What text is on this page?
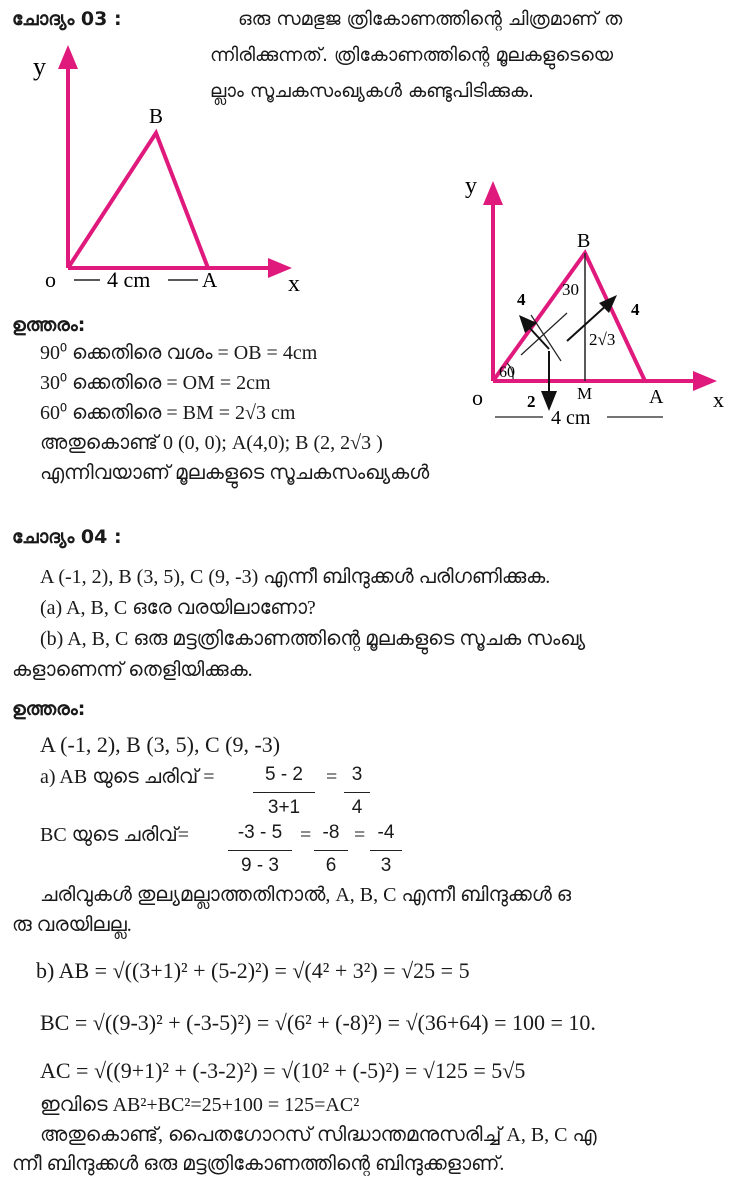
ചോദ്യം 03 :	ഒരു സമഭുജ ത്രികോണത്തിന്റെ ചിത്രമാണ് ത
ന്നിരിക്കുന്നത്. ത്രികോണത്തിന്റെ മൂലകളുടെയെ
ല്ലാം സൂചകസംഖ്യകൾ കണ്ടുപിടിക്കുക.
y
B
o	A	x
4 cm
ഉത്തരം:
90⁰ ക്കെതിരെ വശം = OB = 4cm
30⁰ ക്കെതിരെ = OM = 2cm
60⁰ ക്കെതിരെ = BM = 2√3 cm
അതുകൊണ്ട് 0 (0, 0); A(4,0); B (2, 2√3 )
എന്നിവയാണ് മൂലകളുടെ സൂചകസംഖ്യകൾ
y
B
o	A x
M
4
4
30
60
2√3
2
4 cm
ചോദ്യം 04 :
A (-1, 2), B (3, 5), C (9, -3) എന്നീ ബിന്ദുക്കൾ പരിഗണിക്കുക.
(a) A, B, C ഒരേ വരയിലാണോ?
(b) A, B, C ഒരു മട്ടത്രികോണത്തിന്റെ മൂലകളുടെ സൂചക സംഖ്യ
കളാണെന്ന് തെളിയിക്കുക.
ഉത്തരം:
A (-1, 2), B (3, 5), C (9, -3)
a) AB യുടെ ചരിവ് = $\frac{5 - 2}{3+1} = \frac{3}{4}$
BC യുടെ ചരിവ്= $\frac{-3 - 5}{9 - 3} = \frac{-8}{6} = \frac{-4}{3}$
ചരിവുകൾ തുല്യമല്ലാത്തതിനാൽ, A, B, C എന്നീ ബിന്ദുക്കൾ ഒ
രു വരയിലല്ല.
b) AB = √((3+1)² + (5-2)²) = √(4² + 3²) = √25 = 5
BC = √((9-3)² + (-3-5)²) = √(6² + (-8)²) = √(36+64) = 100 = 10.
AC = √((9+1)² + (-3-2)²) = √(10² + (-5)²) = √125 = 5√5
ഇവിടെ AB²+BC²=25+100 = 125=AC²
അതുകൊണ്ട്, പൈതഗോറസ് സിദ്ധാന്തമനുസരിച്ച് A, B, C എ
ന്നീ ബിന്ദുക്കൾ ഒരു മട്ടത്രികോണത്തിന്റെ ബിന്ദുക്കളാണ്.
